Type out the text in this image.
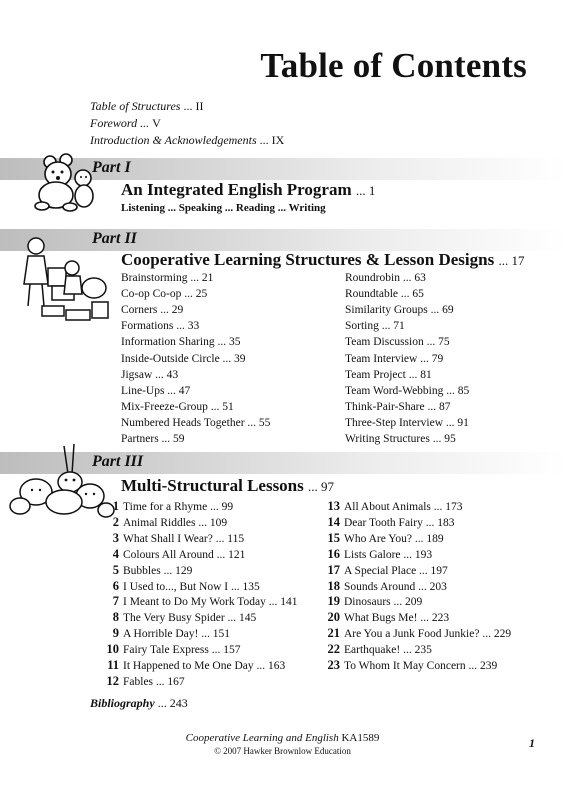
Table of Contents
Table of Structures ... II
Foreword ... V
Introduction & Acknowledgements ... IX
Part I
An Integrated English Program ... 1
Listening ... Speaking ... Reading ... Writing
Part II
Cooperative Learning Structures & Lesson Designs ... 17
Brainstorming ... 21
Co-op Co-op ... 25
Corners ... 29
Formations ... 33
Information Sharing ... 35
Inside-Outside Circle ... 39
Jigsaw ... 43
Line-Ups ... 47
Mix-Freeze-Group ... 51
Numbered Heads Together ... 55
Partners ... 59
Roundrobin ... 63
Roundtable ... 65
Similarity Groups ... 69
Sorting ... 71
Team Discussion ... 75
Team Interview ... 79
Team Project ... 81
Team Word-Webbing ... 85
Think-Pair-Share ... 87
Three-Step Interview ... 91
Writing Structures ... 95
Part III
Multi-Structural Lessons ... 97
1 Time for a Rhyme ... 99
2 Animal Riddles ... 109
3 What Shall I Wear? ... 115
4 Colours All Around ... 121
5 Bubbles ... 129
6 I Used to..., But Now I ... 135
7 I Meant to Do My Work Today ... 141
8 The Very Busy Spider ... 145
9 A Horrible Day! ... 151
10 Fairy Tale Express ... 157
11 It Happened to Me One Day ... 163
12 Fables ... 167
13 All About Animals ... 173
14 Dear Tooth Fairy ... 183
15 Who Are You? ... 189
16 Lists Galore ... 193
17 A Special Place ... 197
18 Sounds Around ... 203
19 Dinosaurs ... 209
20 What Bugs Me! ... 223
21 Are You a Junk Food Junkie? ... 229
22 Earthquake! ... 235
23 To Whom It May Concern ... 239
Bibliography ... 243
Cooperative Learning and English KA1589
© 2007 Hawker Brownlow Education
1
